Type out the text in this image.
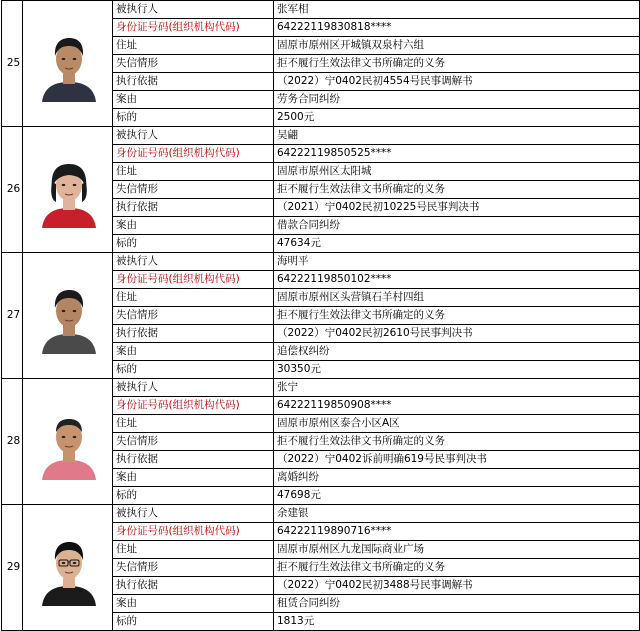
25		被执行人	张军相
		身份证号码(组织机构代码)	64222119830818****
		住址	固原市原州区开城镇双泉村六组
		失信情形	拒不履行生效法律文书所确定的义务
		执行依据	（2022）宁0402民初4554号民事调解书
		案由	劳务合同纠纷
		标的	2500元
26		被执行人	吴翩
		身份证号码(组织机构代码)	64222119850525****
		住址	固原市原州区太阳城
		失信情形	拒不履行生效法律文书所确定的义务
		执行依据	（2021）宁0402民初10225号民事判决书
		案由	借款合同纠纷
		标的	47634元
27		被执行人	海明平
		身份证号码(组织机构代码)	64222119850102****
		住址	固原市原州区头营镇石羊村四组
		失信情形	拒不履行生效法律文书所确定的义务
		执行依据	（2022）宁0402民初2610号民事判决书
		案由	追偿权纠纷
		标的	30350元
28		被执行人	张宁
		身份证号码(组织机构代码)	64222119850908****
		住址	固原市原州区泰合小区A区
		失信情形	拒不履行生效法律文书所确定的义务
		执行依据	（2022）宁0402诉前明确619号民事判决书
		案由	离婚纠纷
		标的	47698元
29		被执行人	余建银
		身份证号码(组织机构代码)	64222119890716****
		住址	固原市原州区九龙国际商业广场
		失信情形	拒不履行生效法律文书所确定的义务
		执行依据	（2022）宁0402民初3488号民事调解书
		案由	租赁合同纠纷
		标的	1813元
